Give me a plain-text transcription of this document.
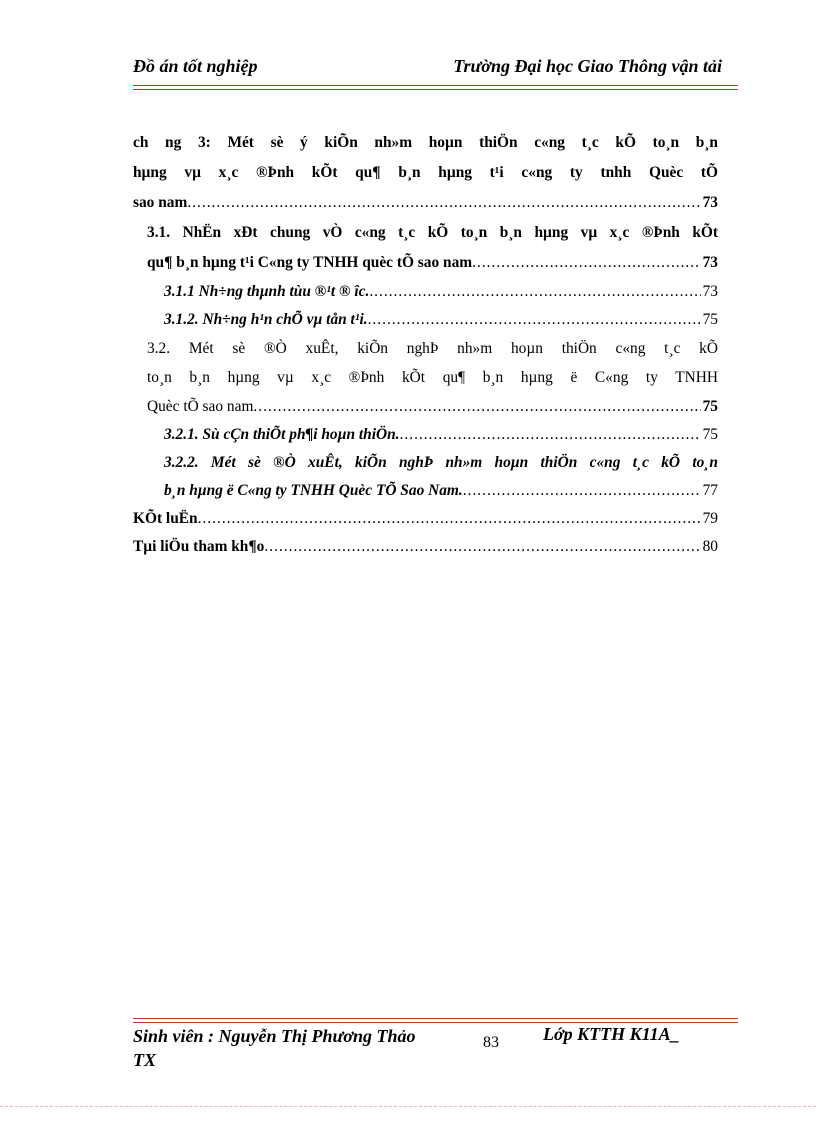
Đồ án tốt nghiệp	Trường Đại học Giao Thông vận tải
ch ng 3: Mét sè ý kiÕn nh»m hoµn thiÖn c«ng t¸c kÕ to¸n b¸n
hµng vµ x¸c ®Þnh kÕt qu¶ b¸n hµng t¹i c«ng ty tnhh Quèc tÕ
sao nam .....	73
3.1. NhËn xÐt chung vÒ c«ng t¸c kÕ to¸n b¸n hµng vµ x¸c ®Þnh kÕt
qu¶ b¸n hµng t¹i C«ng ty TNHH quèc tÕ sao nam .....	73
3.1.1 Nh÷ng thµnh tùu ®¹t ® îc. .....	73
3.1.2. Nh÷ng h¹n chÕ vµ tån t¹i. .....	75
3.2. Mét sè ®Ò xuÊt, kiÕn nghÞ nh»m hoµn thiÖn c«ng t¸c kÕ
to¸n b¸n hµng vµ x¸c ®Þnh kÕt qu¶ b¸n hµng ë C«ng ty TNHH
Quèc tÕ sao nam .....	75
3.2.1. Sù cÇn thiÕt ph¶i hoµn thiÖn. .....	75
3.2.2. Mét sè ®Ò xuÊt, kiÕn nghÞ nh»m hoµn thiÖn c«ng t¸c kÕ to¸n
b¸n hµng ë C«ng ty TNHH Quèc TÕ Sao Nam. .....	77
KÕt luËn .....	79
Tµi liÖu tham kh¶o .....	80
Sinh viên : Nguyễn Thị Phương Thảo
TX
83 Lớp KTTH K11A_
